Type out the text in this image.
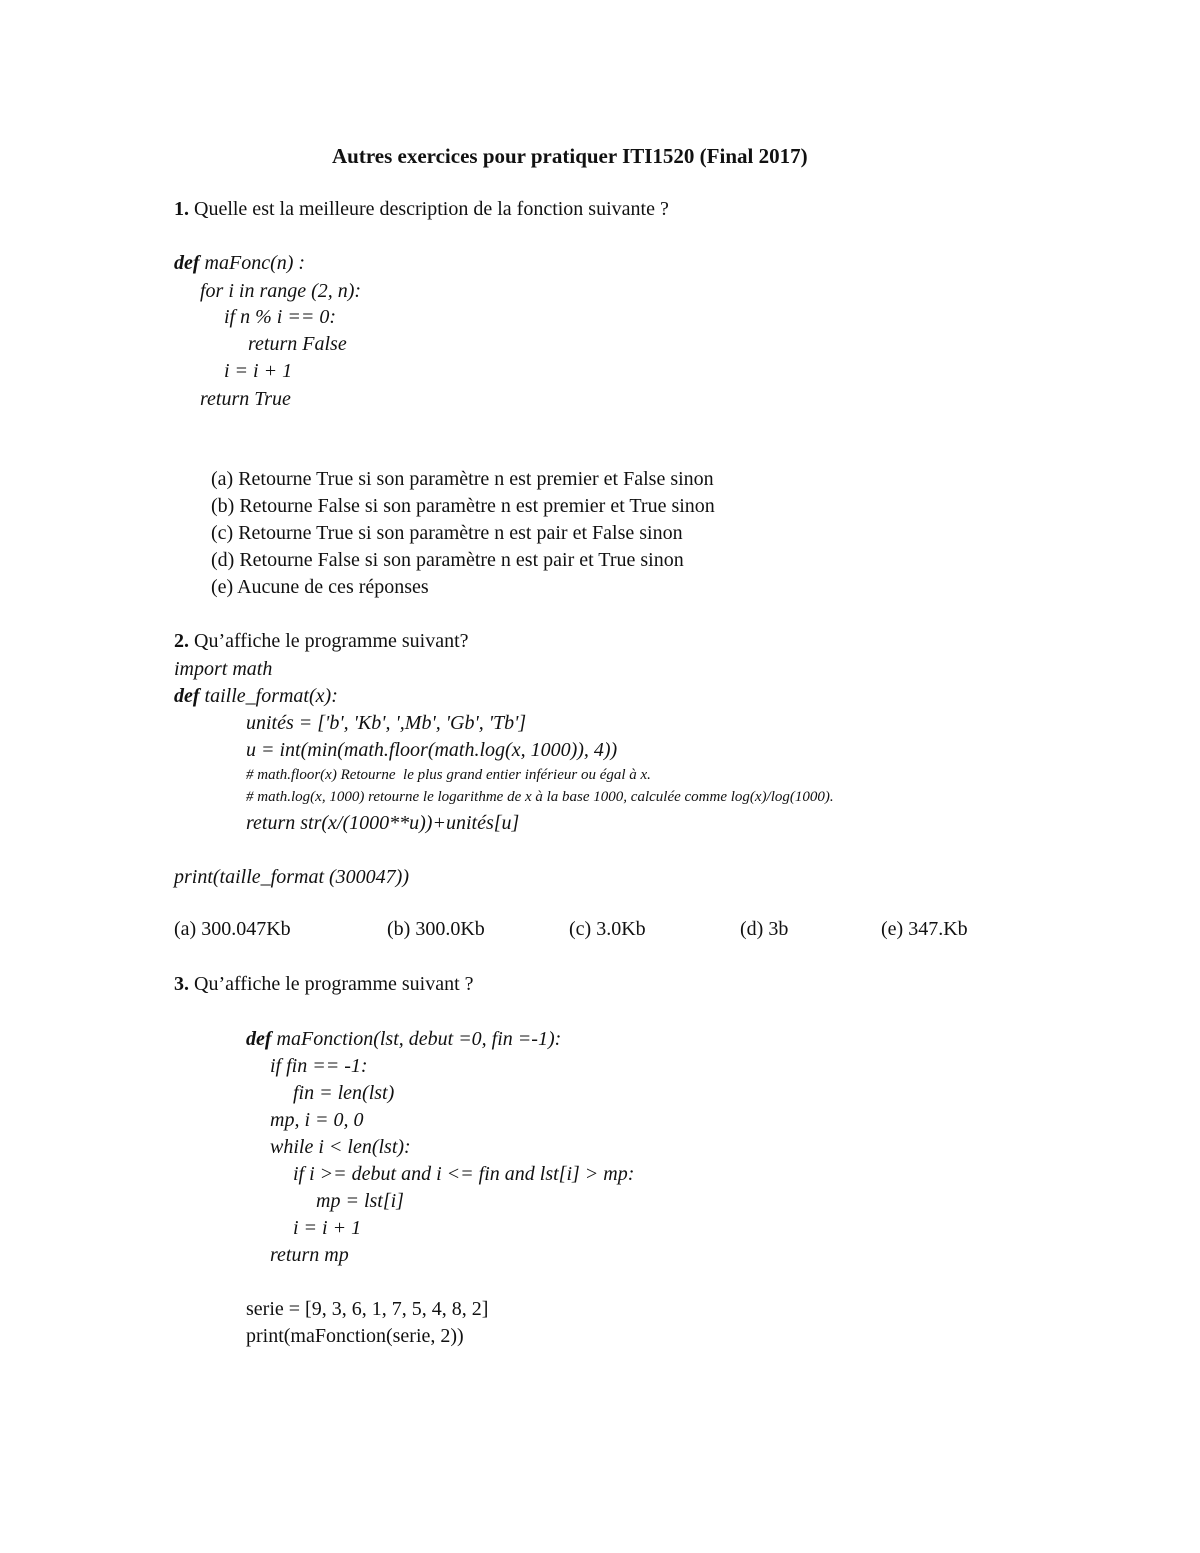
Autres exercices pour pratiquer ITI1520 (Final 2017)
1. Quelle est la meilleure description de la fonction suivante ?
def maFonc(n) :
for i in range (2, n):
if n % i == 0:
return False
i = i + 1
return True
(a) Retourne True si son paramètre n est premier et False sinon
(b) Retourne False si son paramètre n est premier et True sinon
(c) Retourne True si son paramètre n est pair et False sinon
(d) Retourne False si son paramètre n est pair et True sinon
(e) Aucune de ces réponses
2. Qu’affiche le programme suivant?
import math
def taille_format(x):
unités = ['b', 'Kb', ',Mb', 'Gb', 'Tb']
u = int(min(math.floor(math.log(x, 1000)), 4))
# math.floor(x) Retourne  le plus grand entier inférieur ou égal à x.
# math.log(x, 1000) retourne le logarithme de x à la base 1000, calculée comme log(x)/log(1000).
return str(x/(1000**u))+unités[u]
print(taille_format (300047))
(a) 300.047Kb	(b) 300.0Kb	(c) 3.0Kb	(d) 3b	(e) 347.Kb
3. Qu’affiche le programme suivant ?
def maFonction(lst, debut =0, fin =-1):
if fin == -1:
fin = len(lst)
mp, i = 0, 0
while i < len(lst):
if i >= debut and i <= fin and lst[i] > mp:
mp = lst[i]
i = i + 1
return mp
serie = [9, 3, 6, 1, 7, 5, 4, 8, 2]
print(maFonction(serie, 2))
